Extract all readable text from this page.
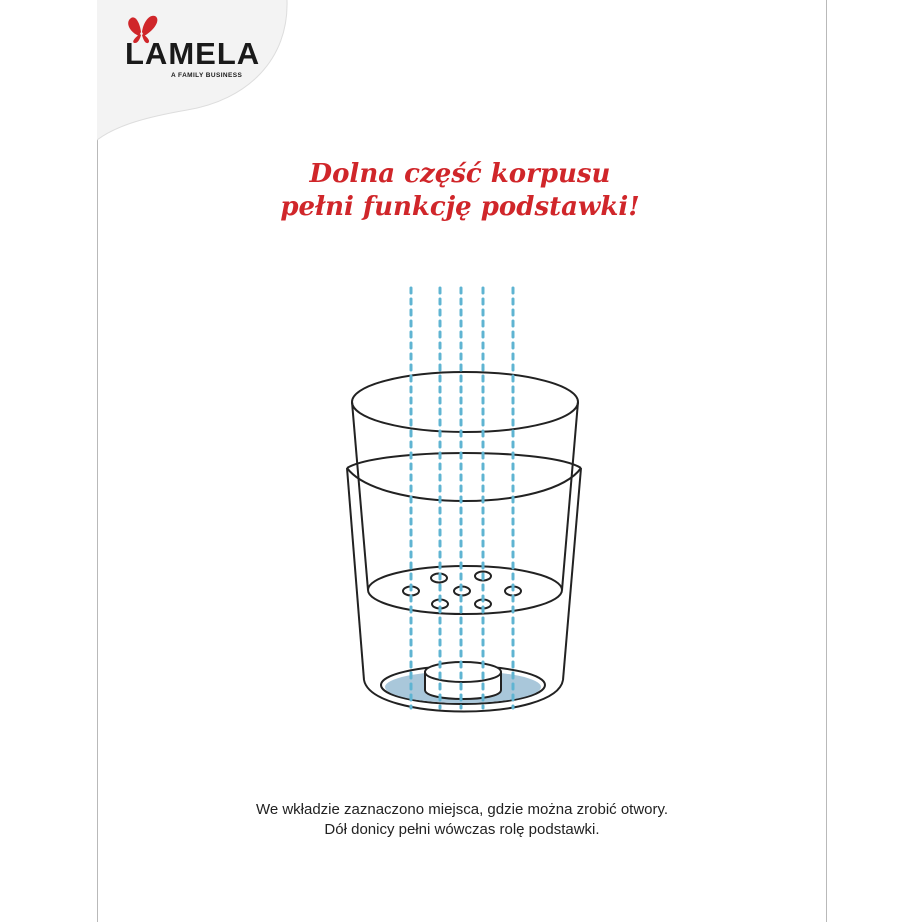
LAMELA
A FAMILY BUSINESS
Dolna część korpusu
pełni funkcję podstawki!
We wkładzie zaznaczono miejsca, gdzie można zrobić otwory.
Dół donicy pełni wówczas rolę podstawki.
